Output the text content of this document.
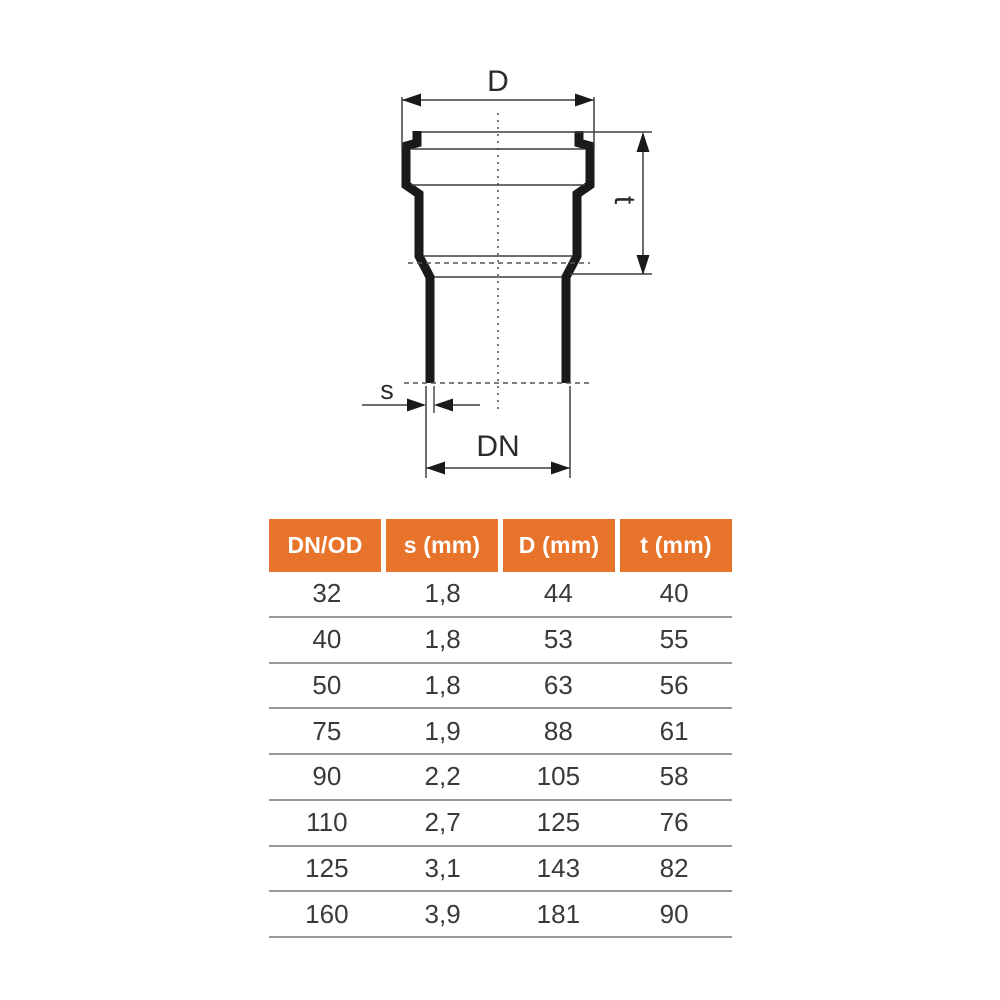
D
t
s
DN
DN/OD	s (mm)	D (mm)	t (mm)
32	1,8	44	40
40	1,8	53	55
50	1,8	63	56
75	1,9	88	61
90	2,2	105	58
110	2,7	125	76
125	3,1	143	82
160	3,9	181	90
